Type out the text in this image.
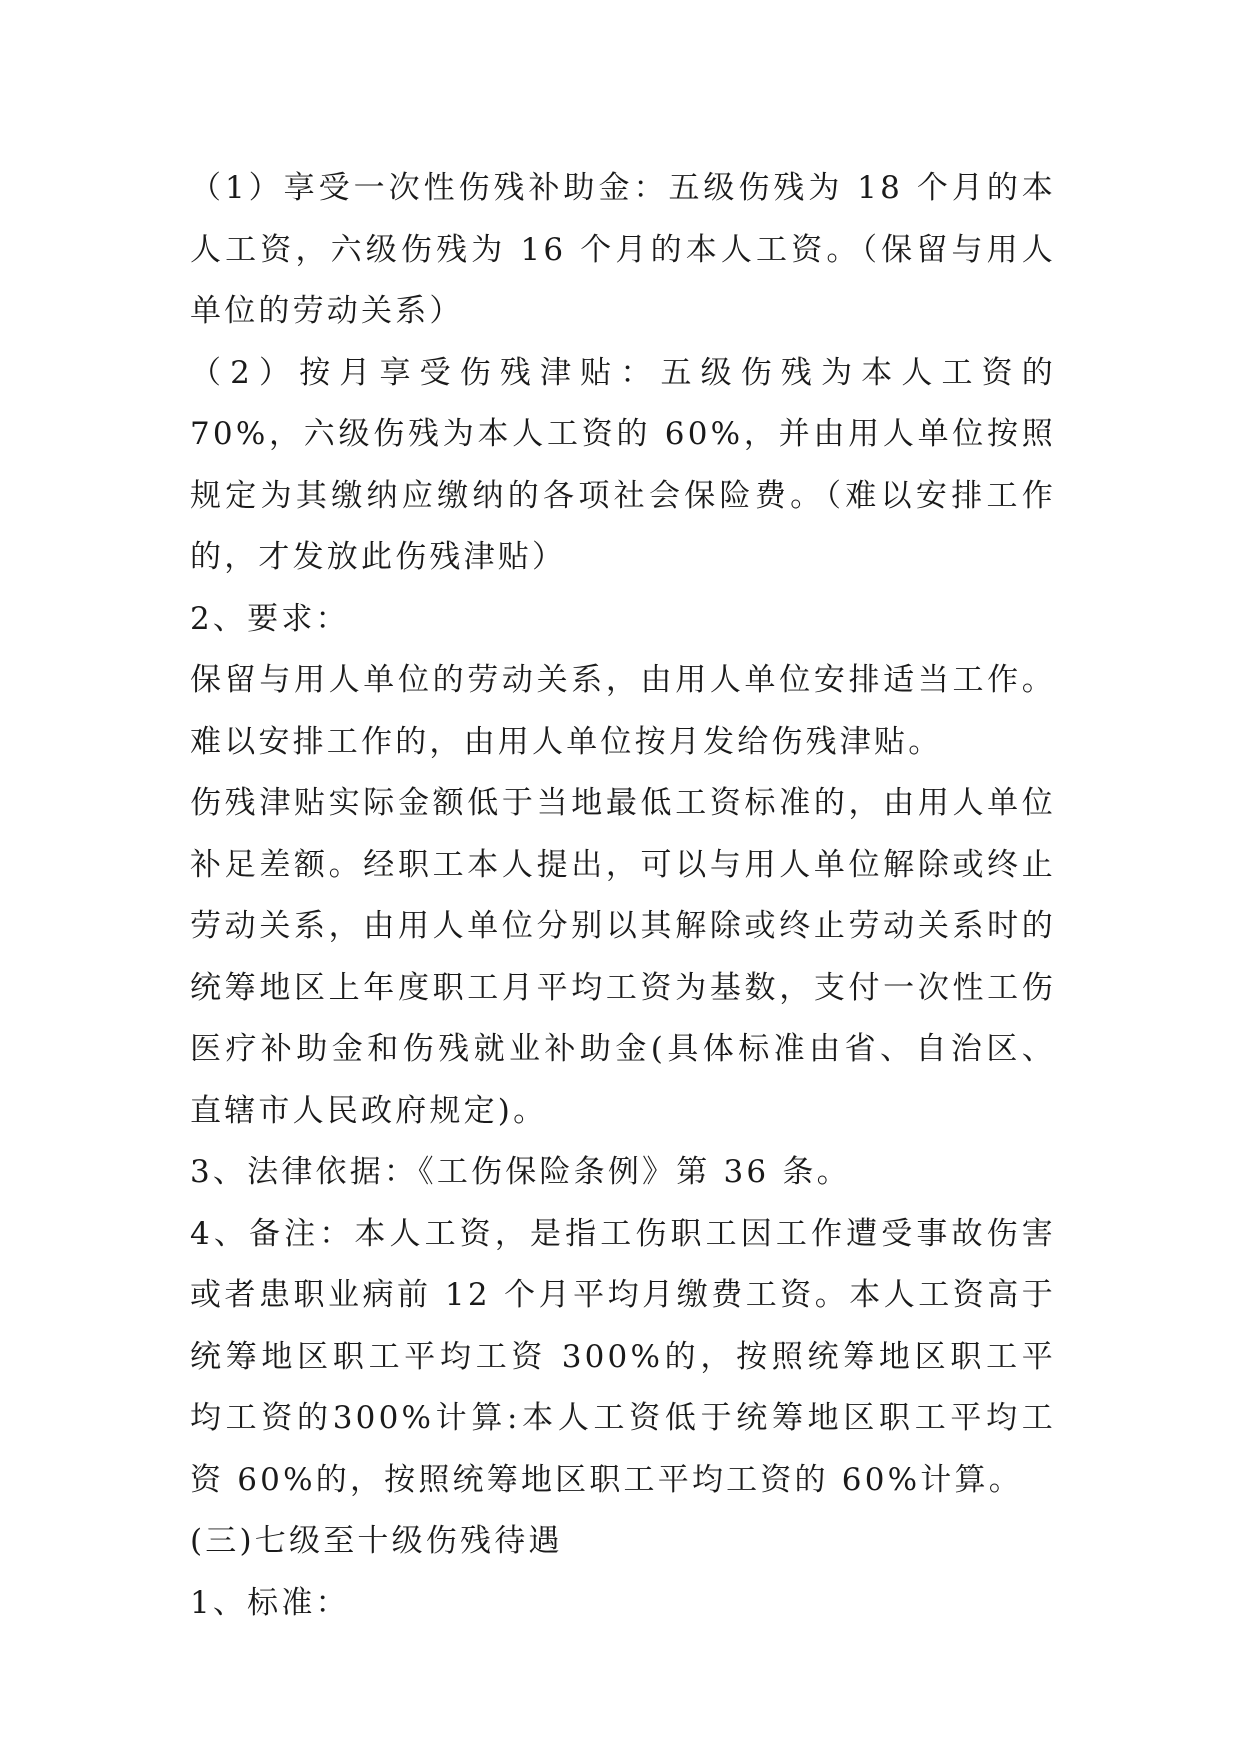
（1）享受一次性伤残补助金：五级伤残为 18 个月的本人工资，六级伤残为 16 个月的本人工资。（保留与用人单位的劳动关系）

（2）按月享受伤残津贴：五级伤残为本人工资的 70%，六级伤残为本人工资的 60%，并由用人单位按照规定为其缴纳应缴纳的各项社会保险费。（难以安排工作的，才发放此伤残津贴）

2、要求：

保留与用人单位的劳动关系，由用人单位安排适当工作。难以安排工作的，由用人单位按月发给伤残津贴。

伤残津贴实际金额低于当地最低工资标准的，由用人单位补足差额。经职工本人提出，可以与用人单位解除或终止劳动关系，由用人单位分别以其解除或终止劳动关系时的统筹地区上年度职工月平均工资为基数，支付一次性工伤医疗补助金和伤残就业补助金(具体标准由省、自治区、直辖市人民政府规定)。

3、法律依据：《工伤保险条例》第 36 条。

4、备注：本人工资，是指工伤职工因工作遭受事故伤害或者患职业病前 12 个月平均月缴费工资。本人工资高于统筹地区职工平均工资 300%的，按照统筹地区职工平均工资的300%计算:本人工资低于统筹地区职工平均工资 60%的，按照统筹地区职工平均工资的 60%计算。

(三)七级至十级伤残待遇

1、标准：
